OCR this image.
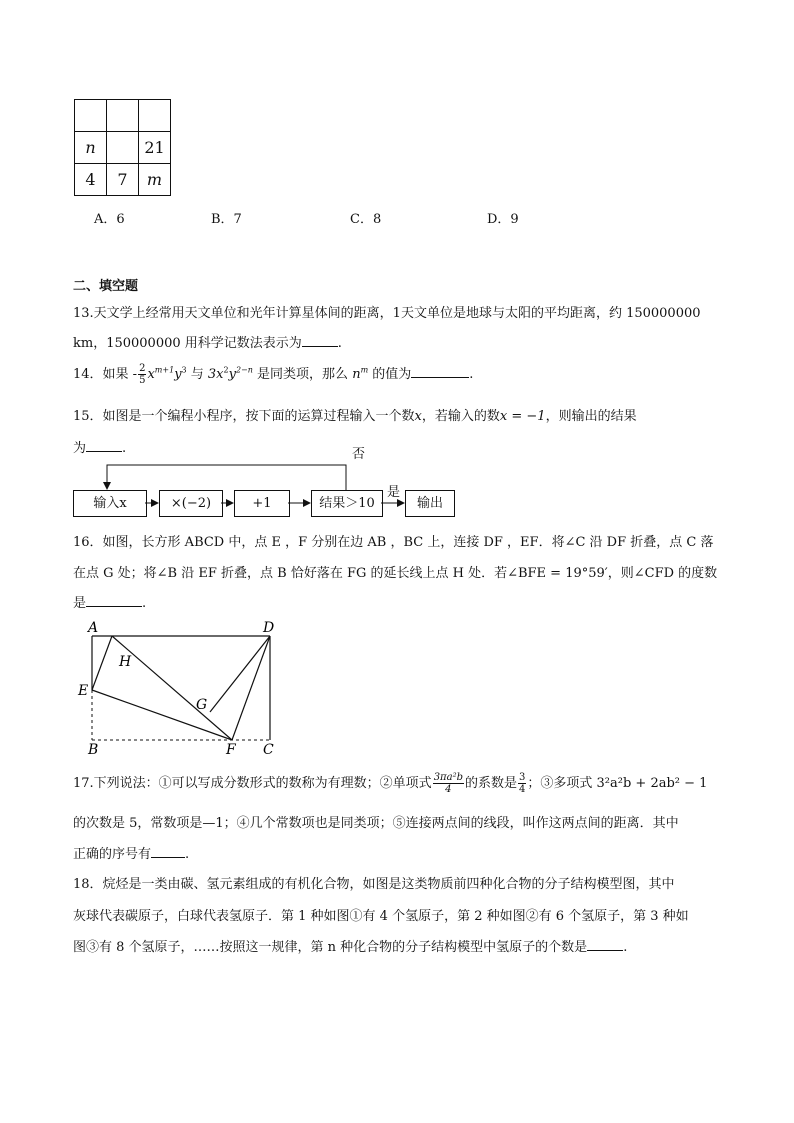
n		21
4	7	m
A．6	B．7	C．8	D．9
二、填空题
13.天文学上经常用天文单位和光年计算星体间的距离，1天文单位是地球与太阳的平均距离，约 150000000
km，150000000 用科学记数法表示为	.
14．如果 - $\frac{2}{5} x^{m+1}y^3$ 与 $3x^2y^{2-n}$ 是同类项，那么 $n^m$ 的值为	.
15．如图是一个编程小程序，按下面的运算过程输入一个数x，若输入的数x = −1，则输出的结果
为	.
输入x	×(−2)	+1	结果＞10	输出
否
是
16．如图，长方形 ABCD 中，点 E ，F 分别在边 AB ，BC 上，连接 DF ，EF．将∠C 沿 DF 折叠，点 C 落
在点 G 处；将∠B 沿 EF 折叠，点 B 恰好落在 FG 的延长线上点 H 处．若∠BFE = 19°59′，则∠CFD 的度数
是	.
A	D
H
E
G
B	F C
17.下列说法：①可以写成分数形式的数称为有理数；②单项式 $\frac{\text{3πa²b}}{4}$ 的系数是 $\frac{3}{4}$ ；③多项式 3²a²b + 2ab² − 1
的次数是 5，常数项是—1；④几个常数项也是同类项；⑤连接两点间的线段，叫作这两点间的距离．其中
正确的序号有	.
18．烷烃是一类由碳、氢元素组成的有机化合物，如图是这类物质前四种化合物的分子结构模型图，其中
灰球代表碳原子，白球代表氢原子．第 1 种如图①有 4 个氢原子，第 2 种如图②有 6 个氢原子，第 3 种如
图③有 8 个氢原子，……按照这一规律，第 n 种化合物的分子结构模型中氢原子的个数是	.
